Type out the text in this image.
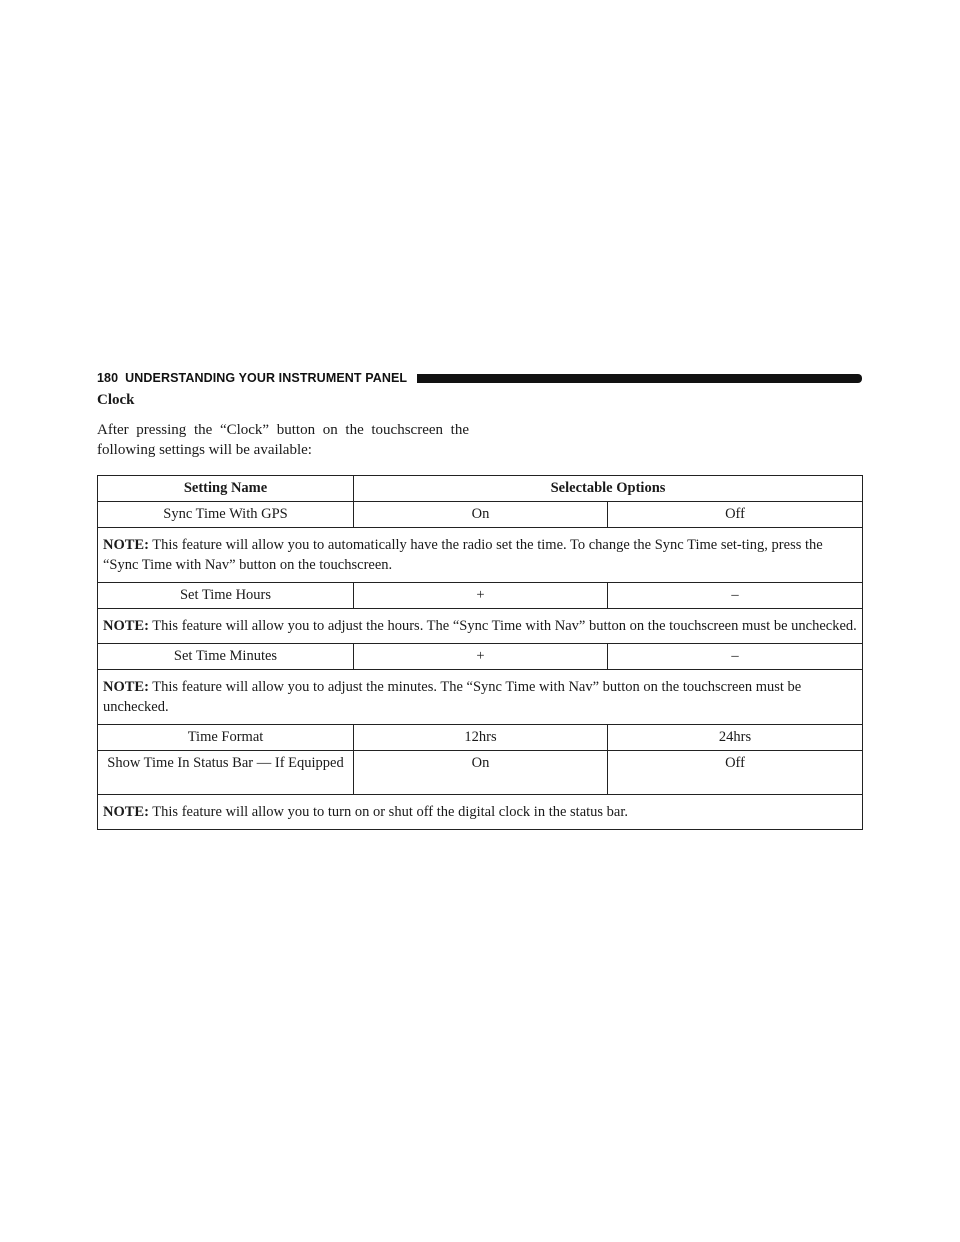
180 UNDERSTANDING YOUR INSTRUMENT PANEL
Clock

After pressing the “Clock” button on the touchscreen the following settings will be available:

Setting Name	Selectable Options	
Sync Time With GPS	On	Off
NOTE: This feature will allow you to automatically have the radio set the time. To change the Sync Time set-ting, press the “Sync Time with Nav” button on the touchscreen.		
Set Time Hours	+	–
NOTE: This feature will allow you to adjust the hours. The “Sync Time with Nav” button on the touchscreen must be unchecked.		
Set Time Minutes	+	–
NOTE: This feature will allow you to adjust the minutes. The “Sync Time with Nav” button on the touchscreen must be unchecked.		
Time Format	12hrs	24hrs
Show Time In Status Bar — If Equipped	On	Off
NOTE: This feature will allow you to turn on or shut off the digital clock in the status bar.		
